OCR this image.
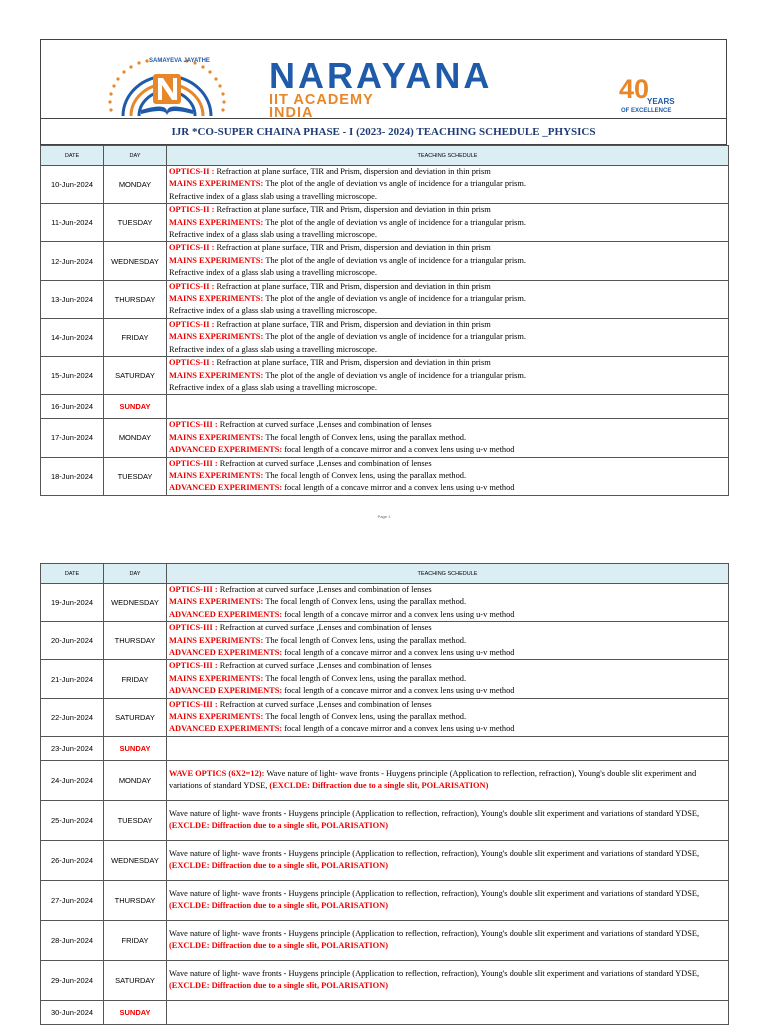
SAMAYEVA JAYATHE NARAYANA
IIT ACADEMY
INDIA
40
YEARS
OF EXCELLENCE
IJR *CO-SUPER CHAINA PHASE - I (2023- 2024) TEACHING SCHEDULE _PHYSICS
DATE	DAY	TEACHING SCHEDULE
10-Jun-2024	MONDAY	OPTICS-II : Refraction at plane surface, TIR and Prism, dispersion and deviation in thin prism
MAINS EXPERIMENTS: The plot of the angle of deviation vs angle of incidence for a triangular prism.
Refractive index of a glass slab using a travelling microscope.

11-Jun-2024	TUESDAY	OPTICS-II : Refraction at plane surface, TIR and Prism, dispersion and deviation in thin prism
MAINS EXPERIMENTS: The plot of the angle of deviation vs angle of incidence for a triangular prism.
Refractive index of a glass slab using a travelling microscope.

12-Jun-2024	WEDNESDAY	OPTICS-II : Refraction at plane surface, TIR and Prism, dispersion and deviation in thin prism
MAINS EXPERIMENTS: The plot of the angle of deviation vs angle of incidence for a triangular prism.
Refractive index of a glass slab using a travelling microscope.

13-Jun-2024	THURSDAY	OPTICS-II : Refraction at plane surface, TIR and Prism, dispersion and deviation in thin prism
MAINS EXPERIMENTS: The plot of the angle of deviation vs angle of incidence for a triangular prism.
Refractive index of a glass slab using a travelling microscope.

14-Jun-2024	FRIDAY	OPTICS-II : Refraction at plane surface, TIR and Prism, dispersion and deviation in thin prism
MAINS EXPERIMENTS: The plot of the angle of deviation vs angle of incidence for a triangular prism.
Refractive index of a glass slab using a travelling microscope.

15-Jun-2024	SATURDAY	OPTICS-II : Refraction at plane surface, TIR and Prism, dispersion and deviation in thin prism
MAINS EXPERIMENTS: The plot of the angle of deviation vs angle of incidence for a triangular prism.
Refractive index of a glass slab using a travelling microscope.

16-Jun-2024	SUNDAY	
17-Jun-2024	MONDAY	OPTICS-III : Refraction at curved surface ,Lenses and combination of lenses
MAINS EXPERIMENTS: The focal length of Convex lens, using the parallax method.
ADVANCED EXPERIMENTS: focal length of a concave mirror and a convex lens using u-v method

18-Jun-2024	TUESDAY	OPTICS-III : Refraction at curved surface ,Lenses and combination of lenses
MAINS EXPERIMENTS: The focal length of Convex lens, using the parallax method.
ADVANCED EXPERIMENTS: focal length of a concave mirror and a convex lens using u-v method
Page 1
DATE	DAY	TEACHING SCHEDULE
19-Jun-2024	WEDNESDAY	OPTICS-III : Refraction at curved surface ,Lenses and combination of lenses
MAINS EXPERIMENTS: The focal length of Convex lens, using the parallax method.
ADVANCED EXPERIMENTS: focal length of a concave mirror and a convex lens using u-v method

20-Jun-2024	THURSDAY	OPTICS-III : Refraction at curved surface ,Lenses and combination of lenses
MAINS EXPERIMENTS: The focal length of Convex lens, using the parallax method.
ADVANCED EXPERIMENTS: focal length of a concave mirror and a convex lens using u-v method

21-Jun-2024	FRIDAY	OPTICS-III : Refraction at curved surface ,Lenses and combination of lenses
MAINS EXPERIMENTS: The focal length of Convex lens, using the parallax method.
ADVANCED EXPERIMENTS: focal length of a concave mirror and a convex lens using u-v method

22-Jun-2024	SATURDAY	OPTICS-III : Refraction at curved surface ,Lenses and combination of lenses
MAINS EXPERIMENTS: The focal length of Convex lens, using the parallax method.
ADVANCED EXPERIMENTS: focal length of a concave mirror and a convex lens using u-v method

23-Jun-2024	SUNDAY	
24-Jun-2024	MONDAY	WAVE OPTICS (6X2=12): Wave nature of light- wave fronts - Huygens principle (Application to reflection, refraction), Young's double slit experiment and variations of standard YDSE, (EXCLDE: Diffraction due to a single slit, POLARISATION)

25-Jun-2024	TUESDAY	Wave nature of light- wave fronts - Huygens principle (Application to reflection, refraction), Young's double slit experiment and variations of standard YDSE, (EXCLDE: Diffraction due to a single slit, POLARISATION)

26-Jun-2024	WEDNESDAY	Wave nature of light- wave fronts - Huygens principle (Application to reflection, refraction), Young's double slit experiment and variations of standard YDSE, (EXCLDE: Diffraction due to a single slit, POLARISATION)

27-Jun-2024	THURSDAY	Wave nature of light- wave fronts - Huygens principle (Application to reflection, refraction), Young's double slit experiment and variations of standard YDSE, (EXCLDE: Diffraction due to a single slit, POLARISATION)

28-Jun-2024	FRIDAY	Wave nature of light- wave fronts - Huygens principle (Application to reflection, refraction), Young's double slit experiment and variations of standard YDSE, (EXCLDE: Diffraction due to a single slit, POLARISATION)

29-Jun-2024	SATURDAY	Wave nature of light- wave fronts - Huygens principle (Application to reflection, refraction), Young's double slit experiment and variations of standard YDSE, (EXCLDE: Diffraction due to a single slit, POLARISATION)

30-Jun-2024	SUNDAY	
